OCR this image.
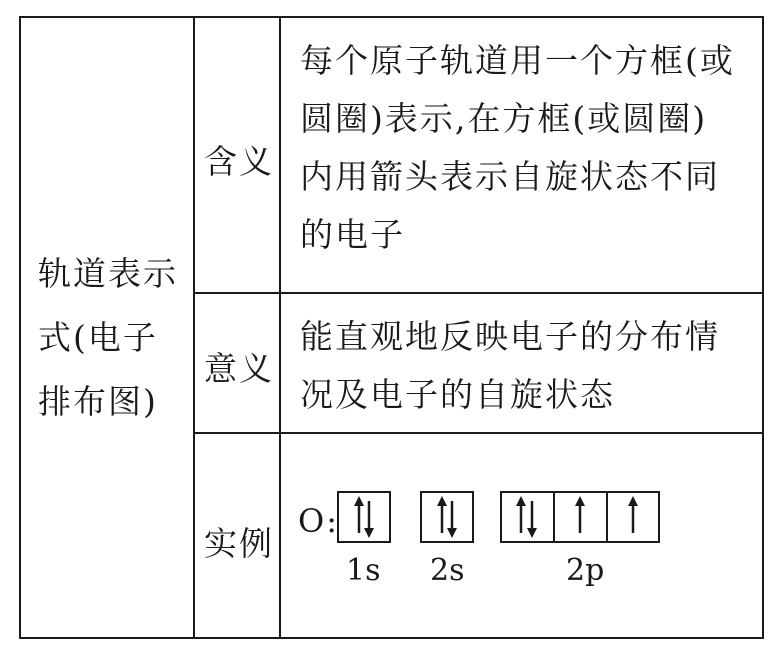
轨道表示
式(电子
排布图)
含义
每个原子轨道用一个方框(或
圆圈)表示,在方框(或圆圈)
内用箭头表示自旋状态不同
的电子
意义
能直观地反映电子的分布情
况及电子的自旋状态
实例
O:
1s 2s	2p
